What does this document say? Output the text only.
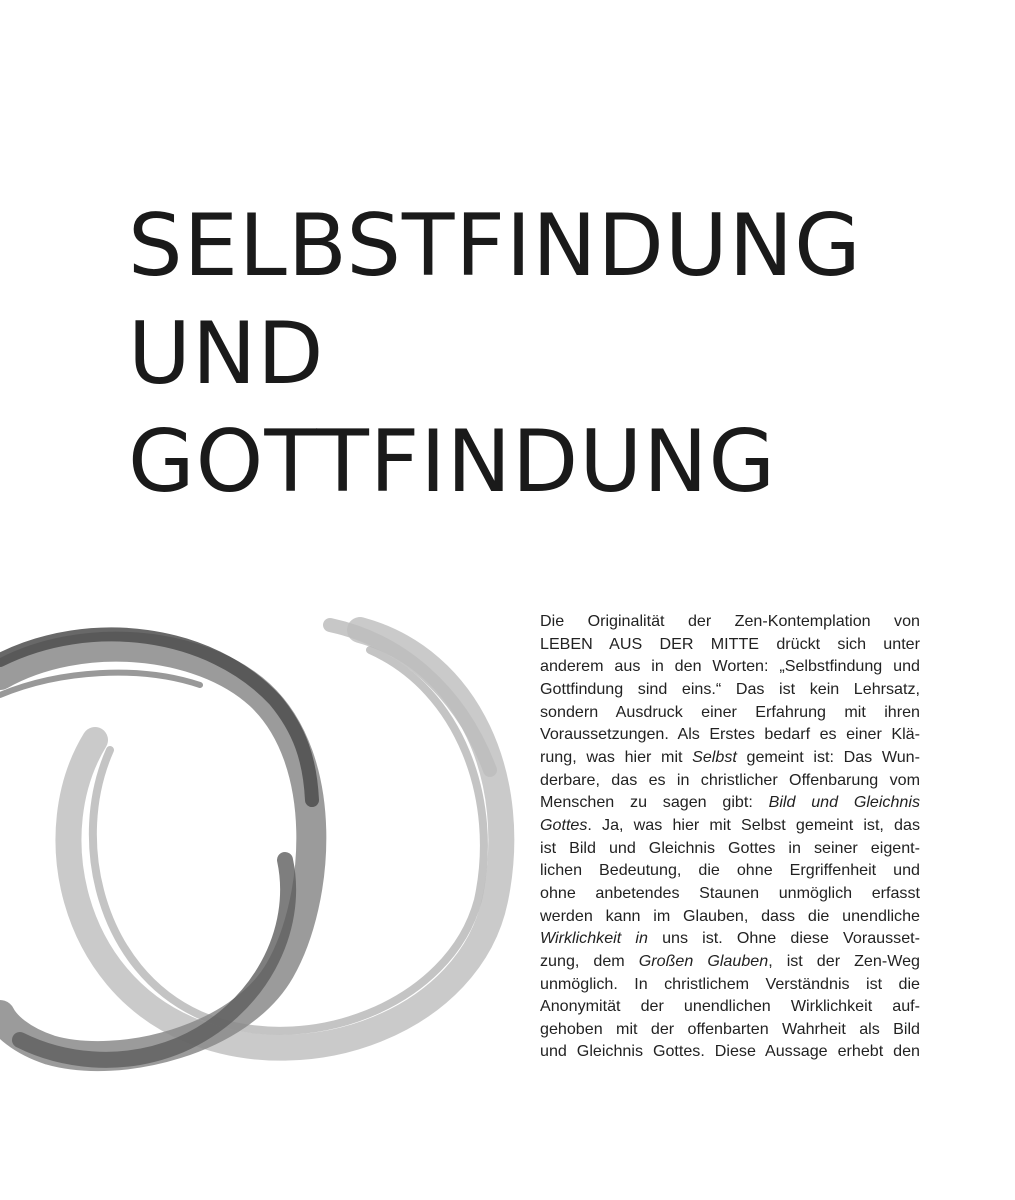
SELBSTFINDUNG
UND
GOTTFINDUNG
Die Originalität der Zen-Kontemplation von
LEBEN AUS DER MITTE drückt sich unter
anderem aus in den Worten: „Selbstfindung und
Gottfindung sind eins.“ Das ist kein Lehrsatz,
sondern Ausdruck einer Erfahrung mit ihren
Voraussetzungen. Als Erstes bedarf es einer Klä-
rung, was hier mit Selbst gemeint ist: Das Wun-
derbare, das es in christlicher Offenbarung vom
Menschen zu sagen gibt: Bild und Gleichnis
Gottes. Ja, was hier mit Selbst gemeint ist, das
ist Bild und Gleichnis Gottes in seiner eigent-
lichen Bedeutung, die ohne Ergriffenheit und
ohne anbetendes Staunen unmöglich erfasst
werden kann im Glauben, dass die unendliche
Wirklichkeit in uns ist. Ohne diese Vorausset-
zung, dem Großen Glauben, ist der Zen-Weg
unmöglich. In christlichem Verständnis ist die
Anonymität der unendlichen Wirklichkeit auf-
gehoben mit der offenbarten Wahrheit als Bild
und Gleichnis Gottes. Diese Aussage erhebt den
